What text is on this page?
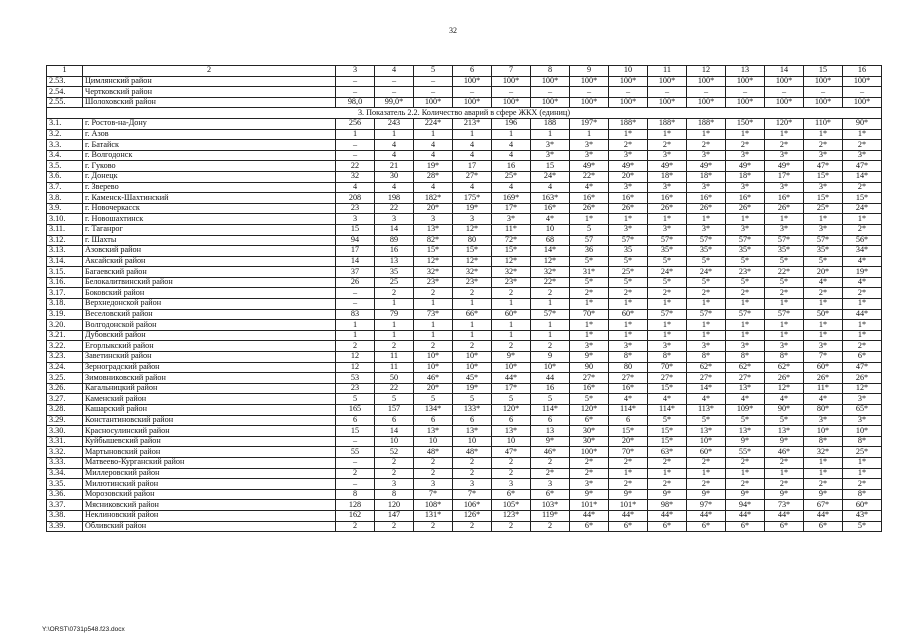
32
1	2	3	4	5	6	7	8	9	10	11	12	13	14	15	16
2.53.	Цимлянский район	–	–	–	100*	100*	100*	100*	100*	100*	100*	100*	100*	100*	100*
2.54.	Чертковский район	–	–	–	–	–	–	–	–	–	–	–	–	–	–
2.55.	Шолоховский район	98,0	99,0*	100*	100*	100*	100*	100*	100*	100*	100*	100*	100*	100*	100*
3. Показатель 2.2. Количество аварий в сфере ЖКХ (единиц)															
3.1.	г. Ростов-на-Дону	256	243	224*	213*	196	188	197*	188*	188*	188*	150*	120*	110*	90*
3.2.	г. Азов	1	1	1	1	1	1	1	1*	1*	1*	1*	1*	1*	1*
3.3.	г. Батайск	–	4	4	4	4	3*	3*	2*	2*	2*	2*	2*	2*	2*
3.4.	г. Волгодонск	–	4	4	4	4	3*	3*	3*	3*	3*	3*	3*	3*	3*
3.5.	г. Гуково	22	21	19*	17	16	15	49*	49*	49*	49*	49*	49*	47*	47*
3.6.	г. Донецк	32	30	28*	27*	25*	24*	22*	20*	18*	18*	18*	17*	15*	14*
3.7.	г. Зверево	4	4	4	4	4	4	4*	3*	3*	3*	3*	3*	3*	2*
3.8.	г. Каменск-Шахтинский	208	198	182*	175*	169*	163*	16*	16*	16*	16*	16*	16*	15*	15*
3.9.	г. Новочеркасск	23	22	20*	19*	17*	16*	26*	26*	26*	26*	26*	26*	25*	24*
3.10.	г. Новошахтинск	3	3	3	3	3*	4*	1*	1*	1*	1*	1*	1*	1*	1*
3.11.	г. Таганрог	15	14	13*	12*	11*	10	5	3*	3*	3*	3*	3*	3*	2*
3.12.	г. Шахты	94	89	82*	80	72*	68	57	57*	57*	57*	57*	57*	57*	56*
3.13.	Азовский район	17	16	15*	15*	15*	14*	36	35	35*	35*	35*	35*	35*	34*
3.14.	Аксайский район	14	13	12*	12*	12*	12*	5*	5*	5*	5*	5*	5*	5*	4*
3.15.	Багаевский район	37	35	32*	32*	32*	32*	31*	25*	24*	24*	23*	22*	20*	19*
3.16.	Белокалитвинский район	26	25	23*	23*	23*	22*	5*	5*	5*	5*	5*	5*	4*	4*
3.17.	Боковский район	–	2	2	2	2	2	2*	2*	2*	2*	2*	2*	2*	2*
3.18.	Верхнедонской район	–	1	1	1	1	1	1*	1*	1*	1*	1*	1*	1*	1*
3.19.	Веселовский район	83	79	73*	66*	60*	57*	70*	60*	57*	57*	57*	57*	50*	44*
3.20.	Волгодонской район	1	1	1	1	1	1	1*	1*	1*	1*	1*	1*	1*	1*
3.21.	Дубовский район	1	1	1	1	1	1	1*	1*	1*	1*	1*	1*	1*	1*
3.22.	Егорлыкский район	2	2	2	2	2	2	3*	3*	3*	3*	3*	3*	3*	2*
3.23.	Заветинский район	12	11	10*	10*	9*	9	9*	8*	8*	8*	8*	8*	7*	6*
3.24.	Зерноградский район	12	11	10*	10*	10*	10*	90	80	70*	62*	62*	62*	60*	47*
3.25.	Зимовниковский район	53	50	46*	45*	44*	44	27*	27*	27*	27*	27*	26*	26*	26*
3.26.	Кагальницкий район	23	22	20*	19*	17*	16	16*	16*	15*	14*	13*	12*	11*	12*
3.27.	Каменский район	5	5	5	5	5	5	5*	4*	4*	4*	4*	4*	4*	3*
3.28.	Кашарский район	165	157	134*	133*	120*	114*	120*	114*	114*	113*	109*	90*	80*	65*
3.29.	Константиновский район	6	6	6	6	6	6	6*	6	5*	5*	5*	5*	3*	3*
3.30.	Красносулинский район	15	14	13*	13*	13*	13	30*	15*	15*	13*	13*	13*	10*	10*
3.31.	Куйбышевский район	–	10	10	10	10	9*	30*	20*	15*	10*	9*	9*	8*	8*
3.32.	Мартыновский район	55	52	48*	48*	47*	46*	100*	70*	63*	60*	55*	46*	32*	25*
3.33.	Матвеево-Курганский район	–	2	2	2	2	2	2*	2*	2*	2*	2*	2*	1*	1*
3.34.	Миллеровский район	2	2	2	2	2	2*	2*	1*	1*	1*	1*	1*	1*	1*
3.35.	Милютинский район	–	3	3	3	3	3	3*	2*	2*	2*	2*	2*	2*	2*
3.36.	Морозовский район	8	8	7*	7*	6*	6*	9*	9*	9*	9*	9*	9*	9*	8*
3.37.	Мясниковский район	128	120	108*	106*	105*	103*	101*	101*	98*	97*	94*	73*	67*	60*
3.38.	Неклиновский район	162	147	131*	126*	123*	119*	44*	44*	44*	44*	44*	44*	44*	43*
3.39.	Обливский район	2	2	2	2	2	2	6*	6*	6*	6*	6*	6*	6*	5*
Y:\ORST\0731p548.f23.docx
